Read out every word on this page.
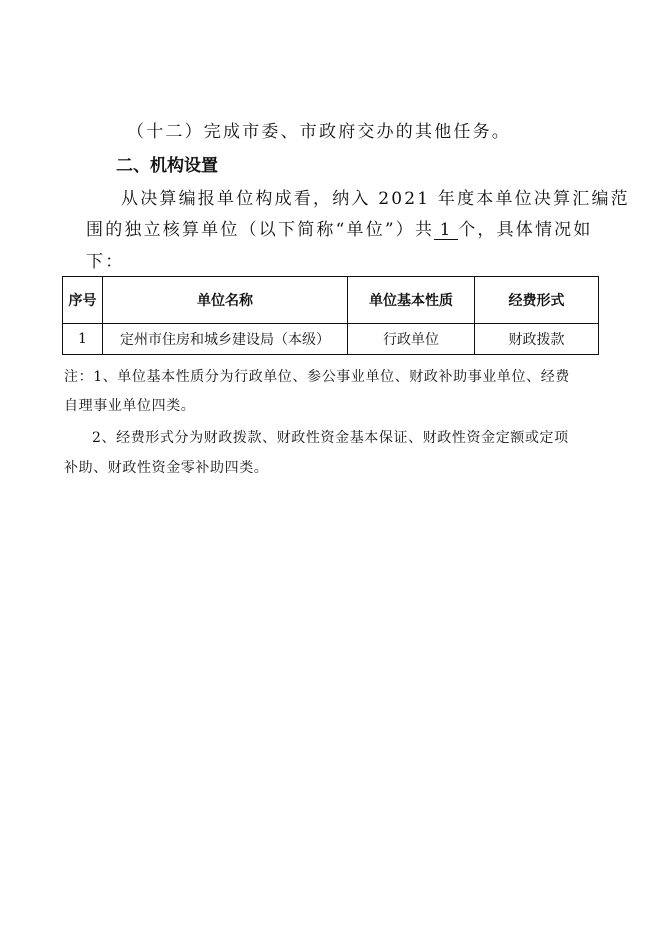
（十二）完成市委、市政府交办的其他任务。
二、机构设置
从决算编报单位构成看，纳入 2021 年度本单位决算汇编范
围的独立核算单位（以下简称“单位”）共 1 个，具体情况如
下：
序号	单位名称	单位基本性质	经费形式
1	定州市住房和城乡建设局（本级）	行政单位	财政拨款
注：1、单位基本性质分为行政单位、参公事业单位、财政补助事业单位、经费
自理事业单位四类。
2、经费形式分为财政拨款、财政性资金基本保证、财政性资金定额或定项
补助、财政性资金零补助四类。
